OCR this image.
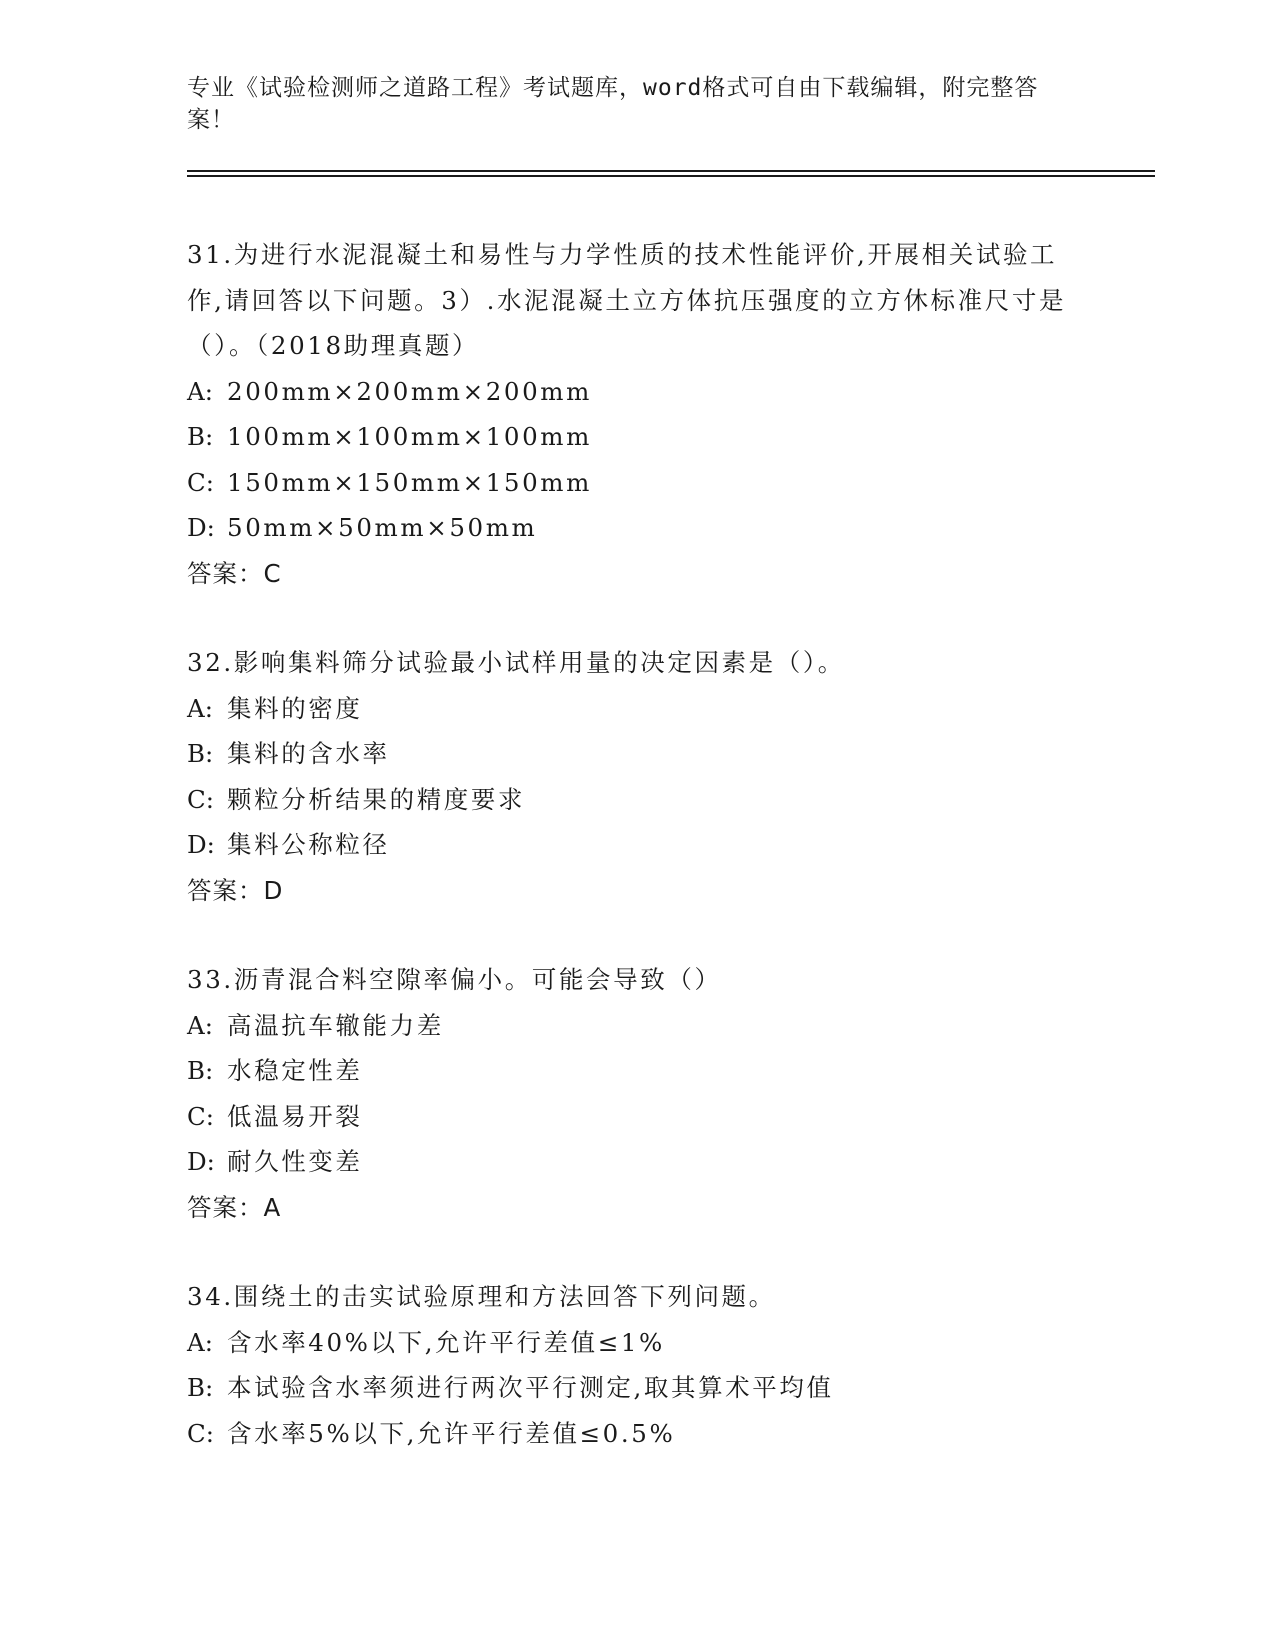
专业《试验检测师之道路工程》考试题库，word格式可自由下载编辑，附完整答案！
31.为进行水泥混凝土和易性与力学性质的技术性能评价,开展相关试验工作,请回答以下问题。3）.水泥混凝土立方体抗压强度的立方休标准尺寸是（）。（2018助理真题）
A: 200mm×200mm×200mm
B: 100mm×100mm×100mm
C: 150mm×150mm×150mm
D: 50mm×50mm×50mm
答案：C
32.影响集料筛分试验最小试样用量的决定因素是（）。
A: 集料的密度
B: 集料的含水率
C: 颗粒分析结果的精度要求
D: 集料公称粒径
答案：D
33.沥青混合料空隙率偏小。可能会导致（）
A: 高温抗车辙能力差
B: 水稳定性差
C: 低温易开裂
D: 耐久性变差
答案：A
34.围绕土的击实试验原理和方法回答下列问题。
A: 含水率40%以下,允许平行差值≤1%
B: 本试验含水率须进行两次平行测定,取其算术平均值
C: 含水率5%以下,允许平行差值≤0.5%
